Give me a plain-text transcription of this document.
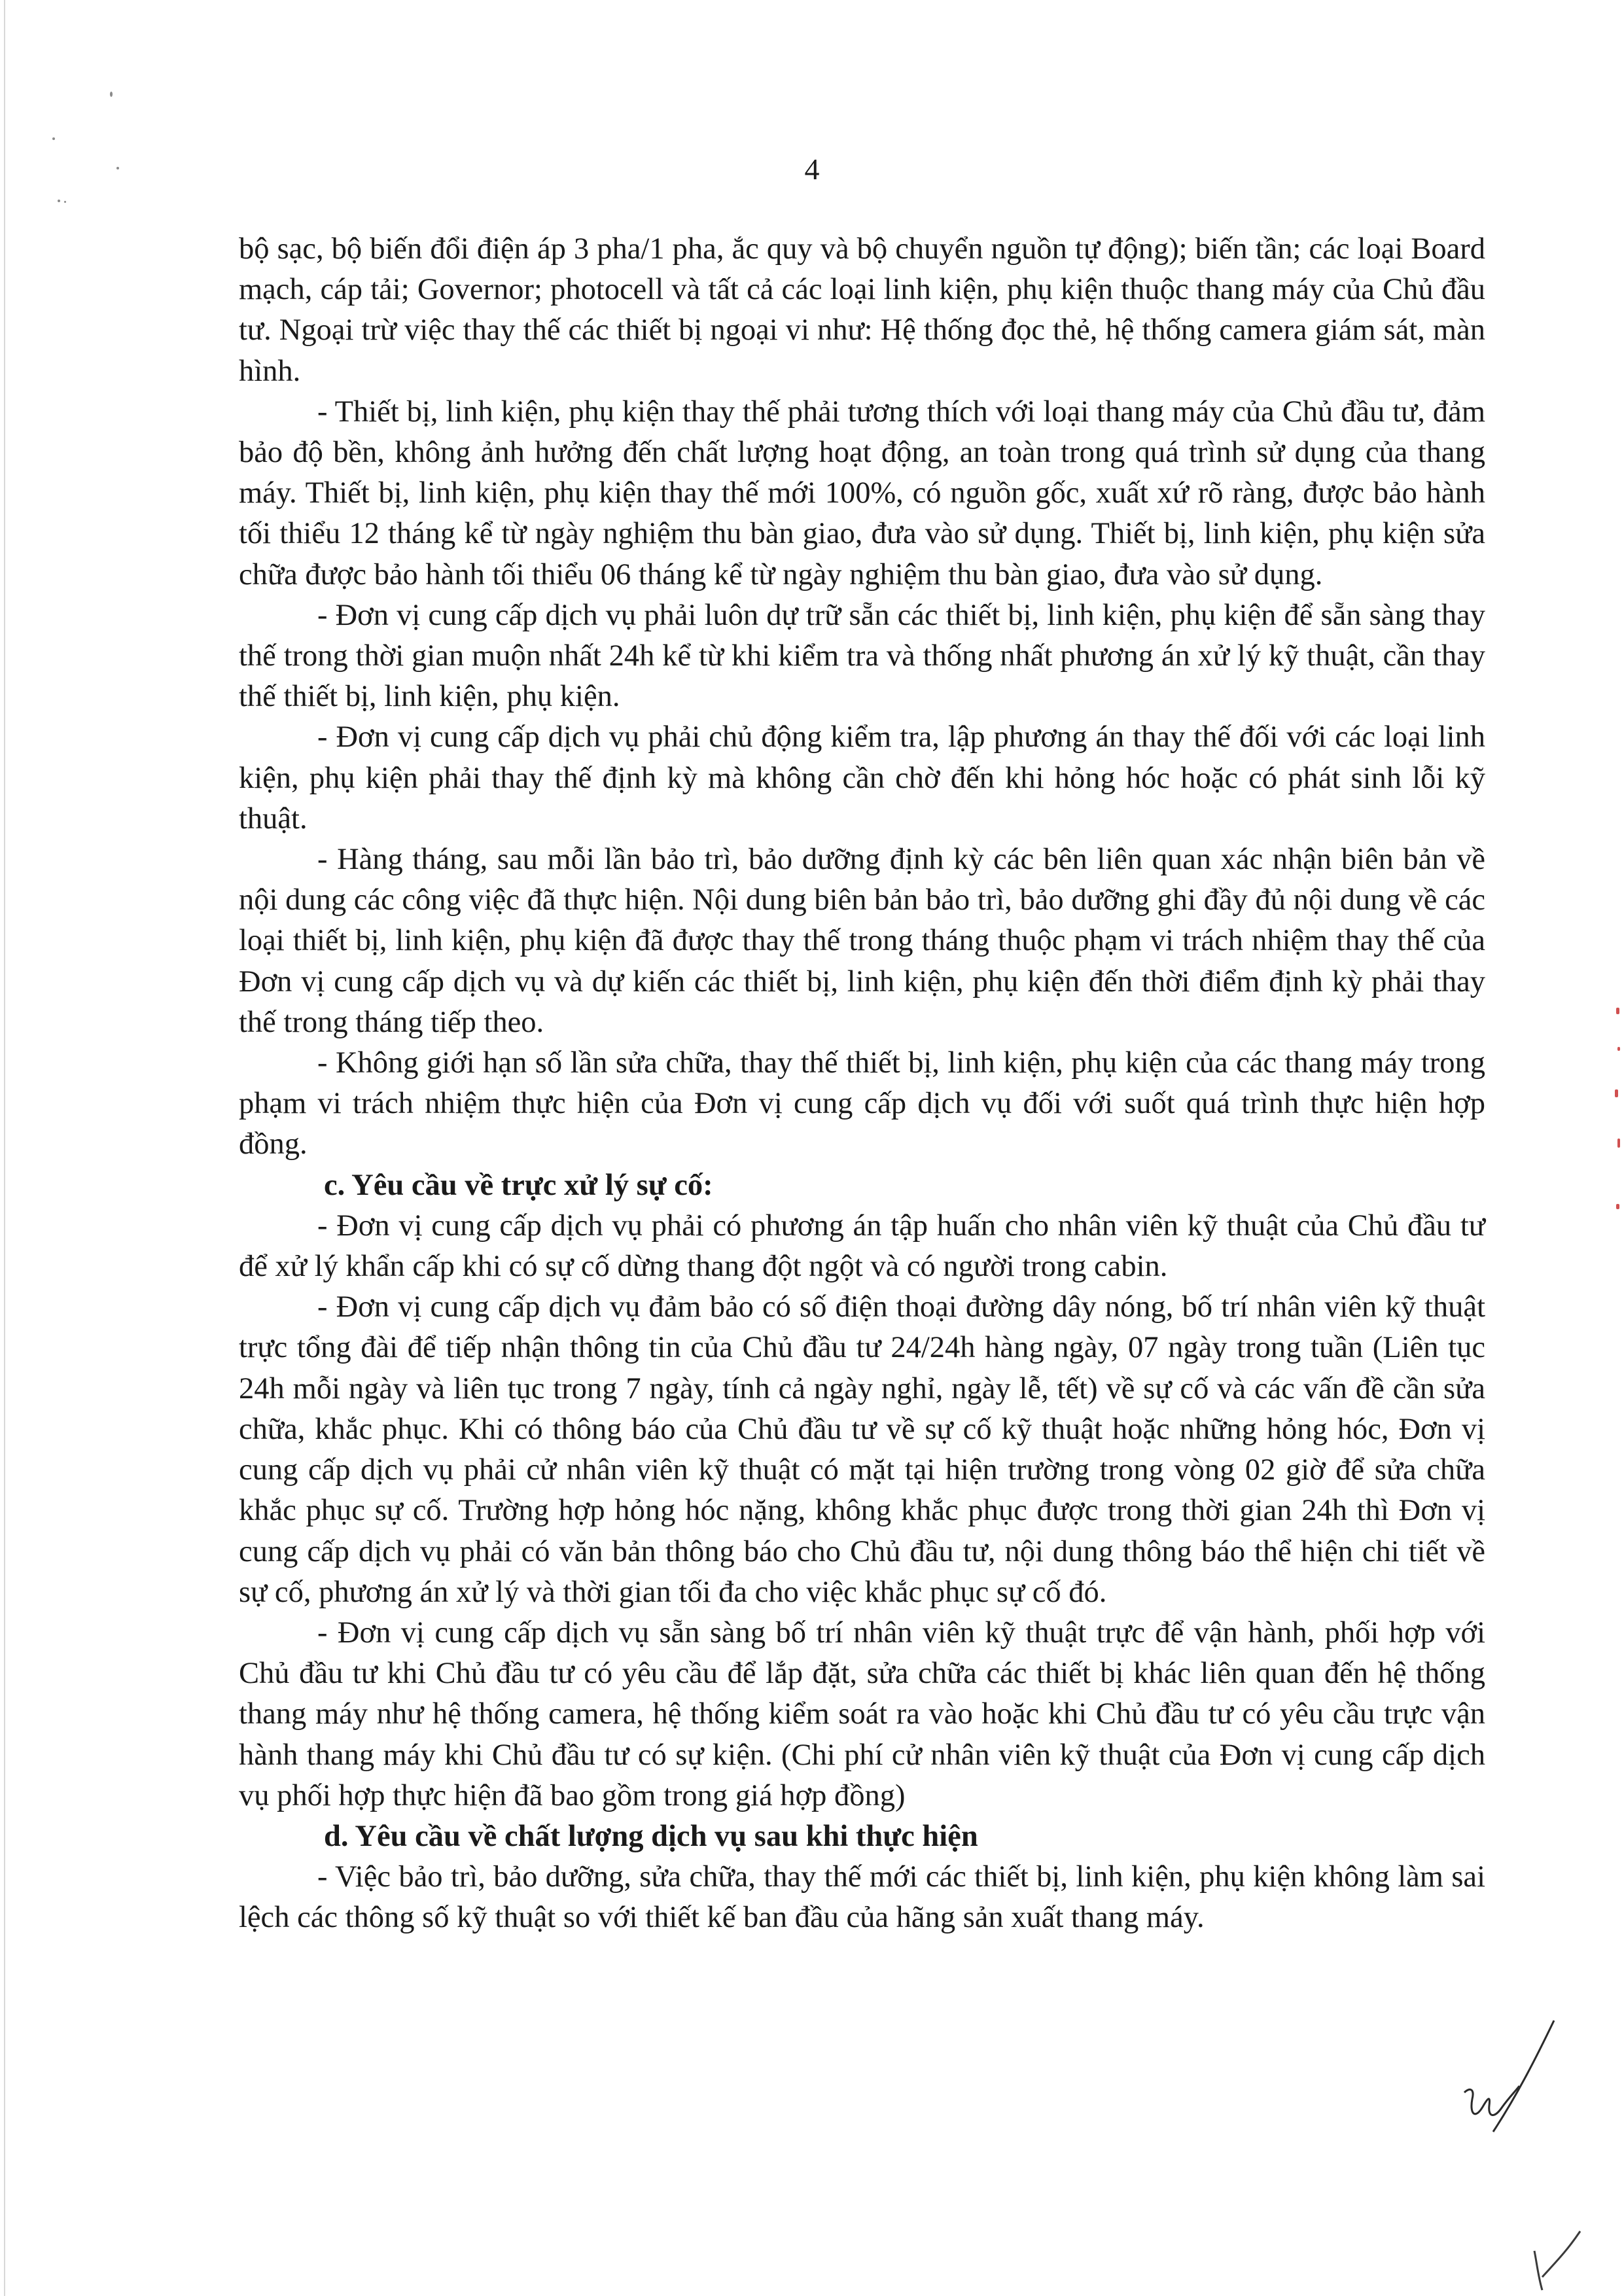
4

bộ sạc, bộ biến đổi điện áp 3 pha/1 pha, ắc quy và bộ chuyển nguồn tự động); biến tần; các loại Board mạch, cáp tải; Governor; photocell và tất cả các loại linh kiện, phụ kiện thuộc thang máy của Chủ đầu tư. Ngoại trừ việc thay thế các thiết bị ngoại vi như: Hệ thống đọc thẻ, hệ thống camera giám sát, màn hình.

- Thiết bị, linh kiện, phụ kiện thay thế phải tương thích với loại thang máy của Chủ đầu tư, đảm bảo độ bền, không ảnh hưởng đến chất lượng hoạt động, an toàn trong quá trình sử dụng của thang máy. Thiết bị, linh kiện, phụ kiện thay thế mới 100%, có nguồn gốc, xuất xứ rõ ràng, được bảo hành tối thiểu 12 tháng kể từ ngày nghiệm thu bàn giao, đưa vào sử dụng. Thiết bị, linh kiện, phụ kiện sửa chữa được bảo hành tối thiểu 06 tháng kể từ ngày nghiệm thu bàn giao, đưa vào sử dụng.

- Đơn vị cung cấp dịch vụ phải luôn dự trữ sẵn các thiết bị, linh kiện, phụ kiện để sẵn sàng thay thế trong thời gian muộn nhất 24h kể từ khi kiểm tra và thống nhất phương án xử lý kỹ thuật, cần thay thế thiết bị, linh kiện, phụ kiện.

- Đơn vị cung cấp dịch vụ phải chủ động kiểm tra, lập phương án thay thế đối với các loại linh kiện, phụ kiện phải thay thế định kỳ mà không cần chờ đến khi hỏng hóc hoặc có phát sinh lỗi kỹ thuật.

- Hàng tháng, sau mỗi lần bảo trì, bảo dưỡng định kỳ các bên liên quan xác nhận biên bản về nội dung các công việc đã thực hiện. Nội dung biên bản bảo trì, bảo dưỡng ghi đầy đủ nội dung về các loại thiết bị, linh kiện, phụ kiện đã được thay thế trong tháng thuộc phạm vi trách nhiệm thay thế của Đơn vị cung cấp dịch vụ và dự kiến các thiết bị, linh kiện, phụ kiện đến thời điểm định kỳ phải thay thế trong tháng tiếp theo.

- Không giới hạn số lần sửa chữa, thay thế thiết bị, linh kiện, phụ kiện của các thang máy trong phạm vi trách nhiệm thực hiện của Đơn vị cung cấp dịch vụ đối với suốt quá trình thực hiện hợp đồng.

c. Yêu cầu về trực xử lý sự cố:

- Đơn vị cung cấp dịch vụ phải có phương án tập huấn cho nhân viên kỹ thuật của Chủ đầu tư để xử lý khẩn cấp khi có sự cố dừng thang đột ngột và có người trong cabin.

- Đơn vị cung cấp dịch vụ đảm bảo có số điện thoại đường dây nóng, bố trí nhân viên kỹ thuật trực tổng đài để tiếp nhận thông tin của Chủ đầu tư 24/24h hàng ngày, 07 ngày trong tuần (Liên tục 24h mỗi ngày và liên tục trong 7 ngày, tính cả ngày nghỉ, ngày lễ, tết) về sự cố và các vấn đề cần sửa chữa, khắc phục. Khi có thông báo của Chủ đầu tư về sự cố kỹ thuật hoặc những hỏng hóc, Đơn vị cung cấp dịch vụ phải cử nhân viên kỹ thuật có mặt tại hiện trường trong vòng 02 giờ để sửa chữa khắc phục sự cố. Trường hợp hỏng hóc nặng, không khắc phục được trong thời gian 24h thì Đơn vị cung cấp dịch vụ phải có văn bản thông báo cho Chủ đầu tư, nội dung thông báo thể hiện chi tiết về sự cố, phương án xử lý và thời gian tối đa cho việc khắc phục sự cố đó.

- Đơn vị cung cấp dịch vụ sẵn sàng bố trí nhân viên kỹ thuật trực để vận hành, phối hợp với Chủ đầu tư khi Chủ đầu tư có yêu cầu để lắp đặt, sửa chữa các thiết bị khác liên quan đến hệ thống thang máy như hệ thống camera, hệ thống kiểm soát ra vào hoặc khi Chủ đầu tư có yêu cầu trực vận hành thang máy khi Chủ đầu tư có sự kiện. (Chi phí cử nhân viên kỹ thuật của Đơn vị cung cấp dịch vụ phối hợp thực hiện đã bao gồm trong giá hợp đồng)

d. Yêu cầu về chất lượng dịch vụ sau khi thực hiện

- Việc bảo trì, bảo dưỡng, sửa chữa, thay thế mới các thiết bị, linh kiện, phụ kiện không làm sai lệch các thông số kỹ thuật so với thiết kế ban đầu của hãng sản xuất thang máy.
